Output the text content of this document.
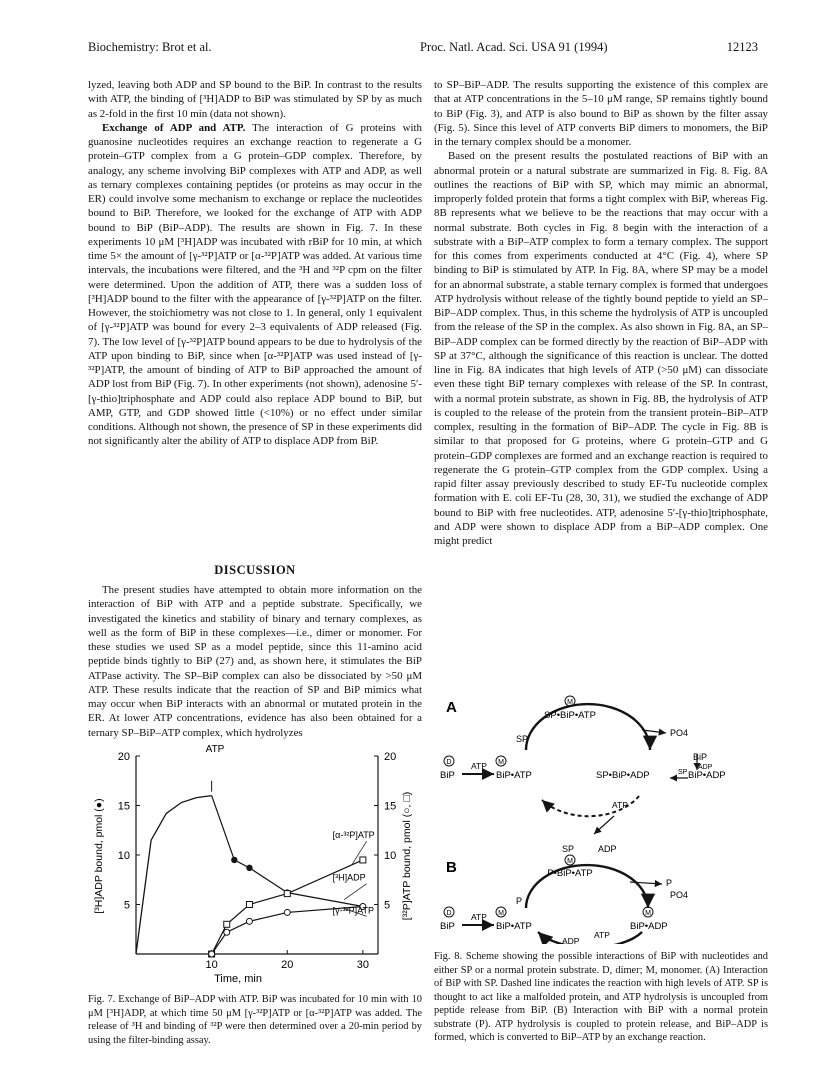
Biochemistry: Brot et al.	Proc. Natl. Acad. Sci. USA 91 (1994)	12123

lyzed, leaving both ADP and SP bound to the BiP. In contrast to the results with ATP, the binding of [³H]ADP to BiP was stimulated by SP by as much as 2-fold in the first 10 min (data not shown).

Exchange of ADP and ATP. The interaction of G proteins with guanosine nucleotides requires an exchange reaction to regenerate a G protein–GTP complex from a G protein–GDP complex. Therefore, by analogy, any scheme involving BiP complexes with ATP and ADP, as well as ternary complexes containing peptides (or proteins as may occur in the ER) could involve some mechanism to exchange or replace the nucleotides bound to BiP. Therefore, we looked for the exchange of ATP with ADP bound to BiP (BiP–ADP). The results are shown in Fig. 7. In these experiments 10 μM [³H]ADP was incubated with rBiP for 10 min, at which time 5× the amount of [γ-³²P]ATP or [α-³²P]ATP was added. At various time intervals, the incubations were filtered, and the ³H and ³²P cpm on the filter were determined. Upon the addition of ATP, there was a sudden loss of [³H]ADP bound to the filter with the appearance of [γ-³²P]ATP on the filter. However, the stoichiometry was not close to 1. In general, only 1 equivalent of [γ-³²P]ATP was bound for every 2–3 equivalents of ADP released (Fig. 7). The low level of [γ-³²P]ATP bound appears to be due to hydrolysis of the ATP upon binding to BiP, since when [α-³²P]ATP was used instead of [γ-³²P]ATP, the amount of binding of ATP to BiP approached the amount of ADP lost from BiP (Fig. 7). In other experiments (not shown), adenosine 5′-[γ-thio]triphosphate and ADP could also replace ADP bound to BiP, but AMP, GTP, and GDP showed little (<10%) or no effect under similar conditions. Although not shown, the presence of SP in these experiments did not significantly alter the ability of ATP to displace ADP from BiP.

DISCUSSION

The present studies have attempted to obtain more information on the interaction of BiP with ATP and a peptide substrate. Specifically, we investigated the kinetics and stability of binary and ternary complexes, as well as the form of BiP in these complexes—i.e., dimer or monomer. For these studies we used SP as a model peptide, since this 11-amino acid peptide binds tightly to BiP (27) and, as shown here, it stimulates the BiP ATPase activity. The SP–BiP complex can also be dissociated by >50 μM ATP. These results indicate that the reaction of SP and BiP mimics what may occur when BiP interacts with an abnormal or mutated protein in the ER. At lower ATP concentrations, evidence has also been obtained for a ternary SP–BiP–ATP complex, which hydrolyzes

5	5
10	10
15	15
20	20
10	20	30
[α-³²P]ATP
[³H]ADP
[γ-³²P]ATP
Time, min
[³H]ADP bound, pmol (●)	[³²P]ATP bound, pmol (○, □)
ATP
Fig. 7. Exchange of BiP–ADP with ATP. BiP was incubated for 10 min with 10 μM [³H]ADP, at which time 50 μM [γ-³²P]ATP or [α-³²P]ATP was added. The release of ³H and binding of ³²P were then determined over a 20-min period by using the filter-binding assay.

to SP–BiP–ADP. The results supporting the existence of this complex are that at ATP concentrations in the 5–10 μM range, SP remains tightly bound to BiP (Fig. 3), and ATP is also bound to BiP as shown by the filter assay (Fig. 5). Since this level of ATP converts BiP dimers to monomers, the BiP in the ternary complex should be a monomer.

Based on the present results the postulated reactions of BiP with an abnormal protein or a natural substrate are summarized in Fig. 8. Fig. 8A outlines the reactions of BiP with SP, which may mimic an abnormal, improperly folded protein that forms a tight complex with BiP, whereas Fig. 8B represents what we believe to be the reactions that may occur with a normal substrate. Both cycles in Fig. 8 begin with the interaction of a substrate with a BiP–ATP complex to form a ternary complex. The support for this comes from experiments conducted at 4°C (Fig. 4), where SP binding to BiP is stimulated by ATP. In Fig. 8A, where SP may be a model for an abnormal substrate, a stable ternary complex is formed that undergoes ATP hydrolysis without release of the tightly bound peptide to yield an SP–BiP–ADP complex. Thus, in this scheme the hydrolysis of ATP is uncoupled from the release of the SP in the complex. As also shown in Fig. 8A, an SP–BiP–ADP complex can be formed directly by the reaction of BiP–ADP with SP at 37°C, although the significance of this reaction is unclear. The dotted line in Fig. 8A indicates that high levels of ATP (>50 μM) can dissociate even these tight BiP ternary complexes with release of the SP. In contrast, with a normal protein substrate, as shown in Fig. 8B, the hydrolysis of ATP is coupled to the release of the protein from the transient protein–BiP–ATP complex, resulting in the formation of BiP–ADP. The cycle in Fig. 8B is similar to that proposed for G proteins, where G protein–GTP and G protein–GDP complexes are formed and an exchange reaction is required to regenerate the G protein–GTP complex from the GDP complex. Using a rapid filter assay previously described to study EF-Tu nucleotide complex formation with E. coli EF-Tu (28, 30, 31), we studied the exchange of ADP bound to BiP with free nucleotides. ATP, adenosine 5′-[γ-thio]triphosphate, and ADP were shown to displace ADP from a BiP–ADP complex. One might predict

A	M
SP•BiP•ATP
SP
PO4
D
BiP
ATP M
BiP•ATP	SP•BiP•ADP
BiP
ADP
SP BiP•ADP
ATP
SP	ADP
B	M
P•BiP•ATP
P
P
PO4
D
BiP
ATP M
BiP•ATP
M
BiP•ADP
ATP
ADP
Fig. 8. Scheme showing the possible interactions of BiP with nucleotides and either SP or a normal protein substrate. D, dimer; M, monomer. (A) Interaction of BiP with SP. Dashed line indicates the reaction with high levels of ATP. SP is thought to act like a malfolded protein, and ATP hydrolysis is uncoupled from peptide release from BiP. (B) Interaction with BiP with a normal protein substrate (P). ATP hydrolysis is coupled to protein release, and BiP–ADP is formed, which is converted to BiP–ATP by an exchange reaction.
